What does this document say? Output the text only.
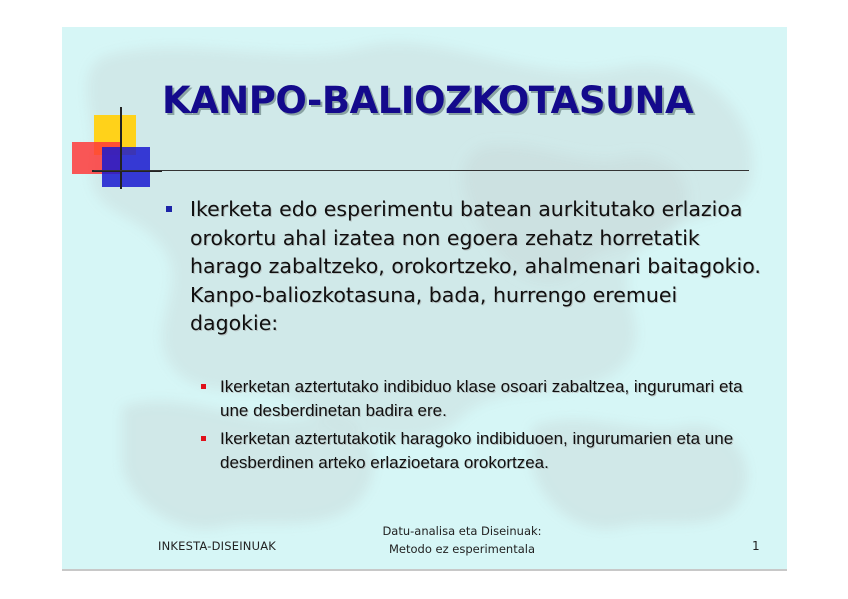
KANPO-BALIOZKOTASUNA
Ikerketa edo esperimentu batean aurkitutako erlazioa orokortu ahal izatea non egoera zehatz horretatik harago zabaltzeko, orokortzeko, ahalmenari baitagokio. Kanpo-baliozkotasuna, bada, hurrengo eremuei dagokie:
Ikerketan aztertutako indibiduo klase osoari zabaltzea, ingurumari eta une desberdinetan badira ere.
Ikerketan aztertutakotik haragoko indibiduoen, ingurumarien eta une desberdinen arteko erlazioetara orokortzea.
INKESTA-DISEINUAK
Datu-analisa eta Diseinuak:
Metodo ez esperimentala	1
